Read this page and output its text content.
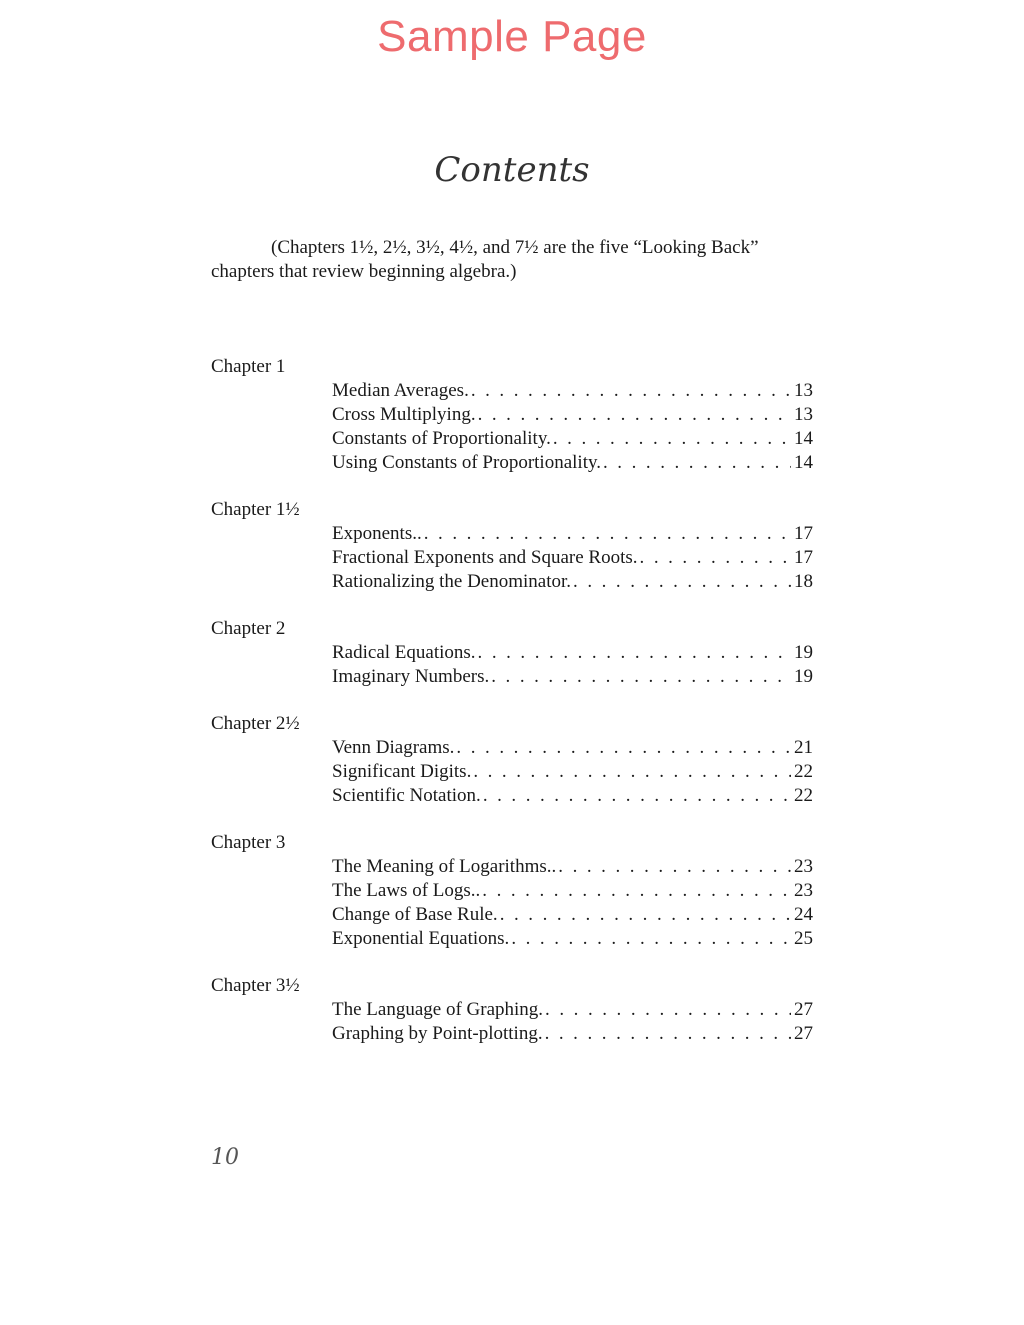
Sample Page
Contents
(Chapters 1½, 2½, 3½, 4½, and 7½ are the five “Looking Back”
chapters that review beginning algebra.)
Chapter 1
Median Averages. . . .	13
Cross Multiplying. . . .	13
Constants of Proportionality. . . .	14
Using Constants of Proportionality. . . .	14
Chapter 1½
Exponents.. . . .	17
Fractional Exponents and Square Roots. . . .	17
Rationalizing the Denominator. . . .	18
Chapter 2
Radical Equations. . . .	19
Imaginary Numbers. . . .	19
Chapter 2½
Venn Diagrams. . . .	21
Significant Digits. . . .	22
Scientific Notation. . . .	22
Chapter 3
The Meaning of Logarithms.. . . .	23
The Laws of Logs.. . . .	23
Change of Base Rule. . . .	24
Exponential Equations. . . .	25
Chapter 3½
The Language of Graphing. . . .	27
Graphing by Point-plotting. . . .	27
10
